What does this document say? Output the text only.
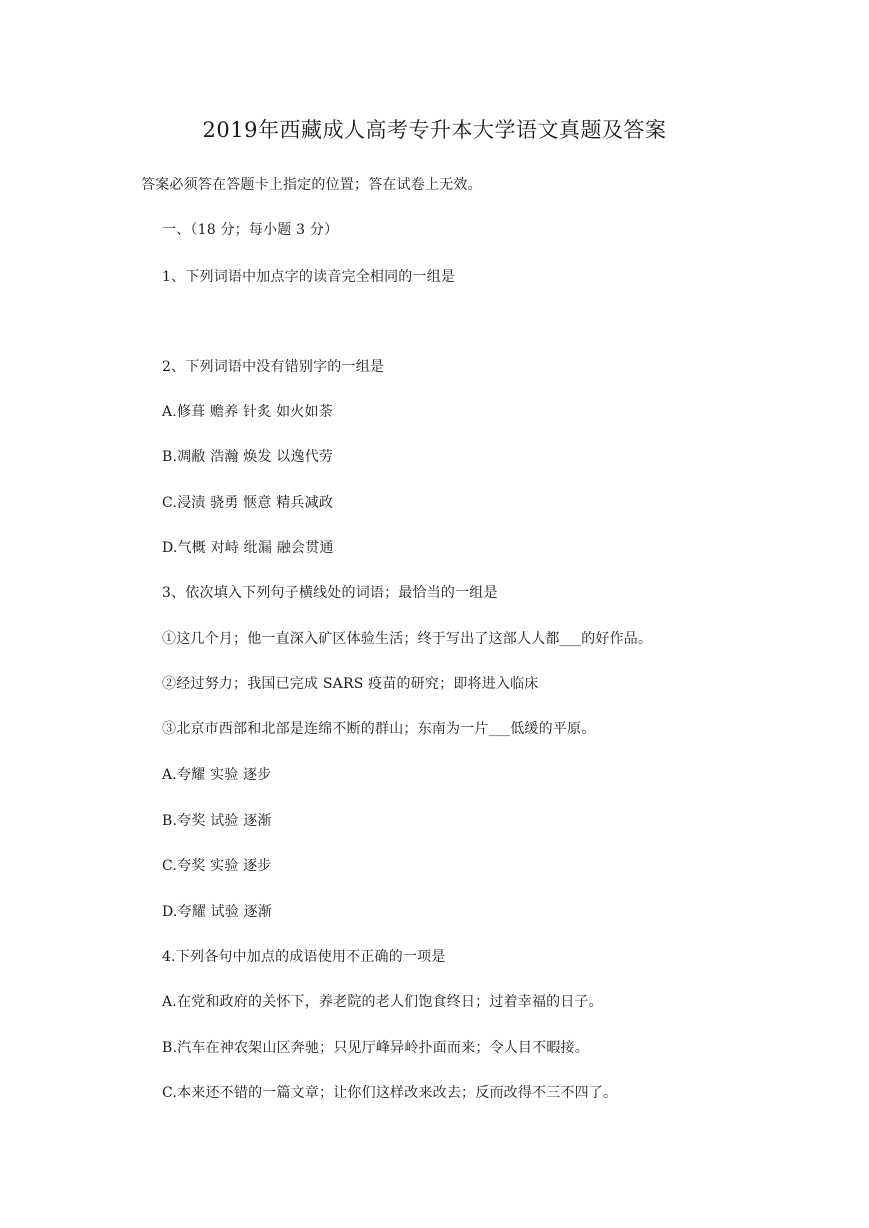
2019年西藏成人高考专升本大学语文真题及答案
答案必须答在答题卡上指定的位置；答在试卷上无效。
一、（18 分；每小题 3 分）
1、下列词语中加点字的读音完全相同的一组是
2、下列词语中没有错别字的一组是
A.修葺 赡养 针炙 如火如荼
B.凋敝 浩瀚 焕发 以逸代劳
C.浸渍 骁勇 惬意 精兵减政
D.气概 对峙 纰漏 融会贯通
3、依次填入下列句子横线处的词语；最恰当的一组是
①这几个月；他一直深入矿区体验生活；终于写出了这部人人都___的好作品。
②经过努力；我国已完成 SARS 疫苗的研究；即将进入临床
③北京市西部和北部是连绵不断的群山；东南为一片___低缓的平原。
A.夸耀 实验 逐步
B.夸奖 试验 逐渐
C.夸奖 实验 逐步
D.夸耀 试验 逐渐
4.下列各句中加点的成语使用不正确的一项是
A.在党和政府的关怀下，养老院的老人们饱食终日；过着幸福的日子。
B.汽车在神农架山区奔驰；只见厅峰异岭扑面而来；令人目不暇接。
C.本来还不错的一篇文章；让你们这样改来改去；反而改得不三不四了。
